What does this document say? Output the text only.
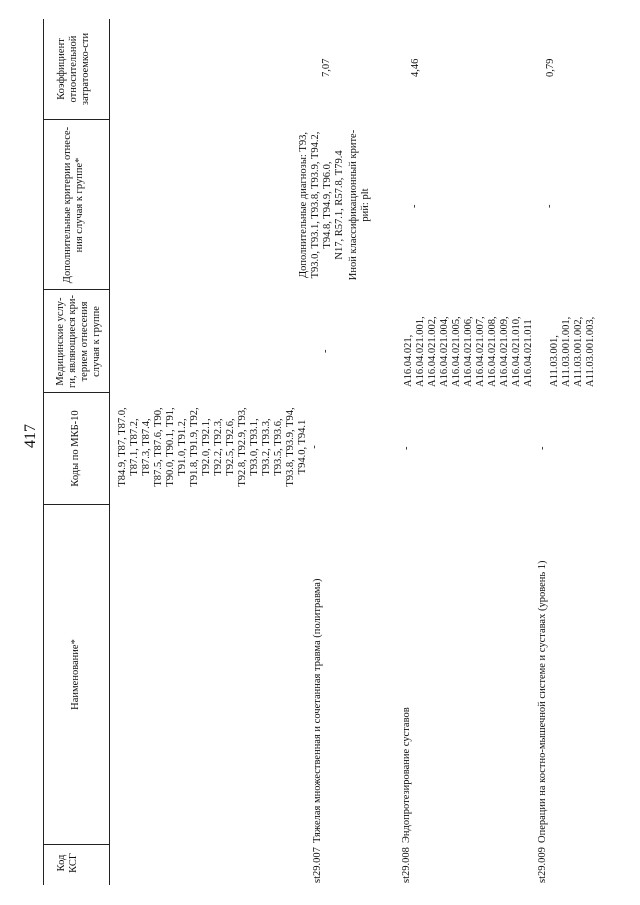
417
Код КСГ
Наименование*
Коды по МКБ-10
Медицинские услу-ги, являющиеся кри-терием отнесения случая к группе
Дополнительные критерии отнесе-ния случая к группе*
Коэффициент относительной затратоемко-сти
st29.007
Тяжелая множественная и сочетанная травма (политравма)
T84.9, T87, T87.0, T87.1, T87.2, T87.3, T87.4, T87.5, T87.6, T90, T90.0, T90.1, T91, T91.0, T91.2, T91.8, T91.9, T92, T92.0, T92.1, T92.2, T92.3, T92.5, T92.6, T92.8, T92.9, T93, T93.0, T93.1, T93.2, T93.3, T93.5, T93.6, T93.8, T93.9, T94, T94.0, T94.1 -
-
Дополнительные диагнозы: T93, T93.0, T93.1, T93.8, T93.9, T94.2, T94.8, T94.9, T96.0, N17, R57.1, R57.8, T79.4 Иной классификационный крите- рий: plt
7,07
st29.008
Эндопротезирование суставов
-
A16.04.021, A16.04.021.001, A16.04.021.002, A16.04.021.004, A16.04.021.005, A16.04.021.006, A16.04.021.007, A16.04.021.008, A16.04.021.009, A16.04.021.010, A16.04.021.011
-
4,46
st29.009
Операции на костно-мышечной системе и суставах (уровень 1)
-
A11.03.001, A11.03.001.001, A11.03.001.002, A11.03.001.003,
-
0,79
